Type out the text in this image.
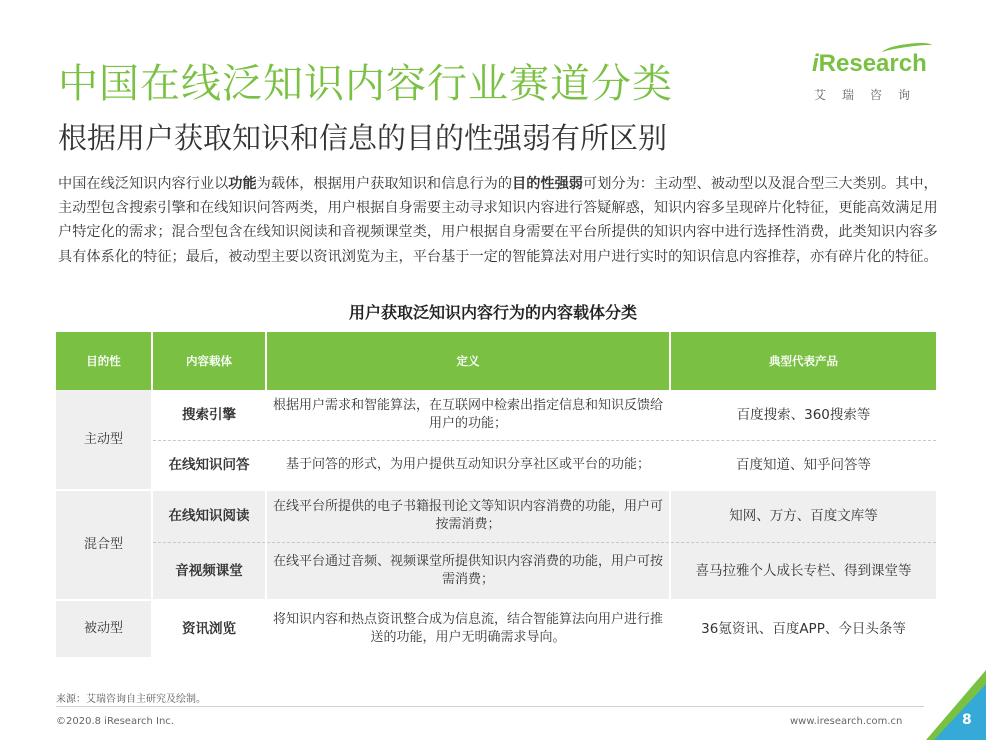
中国在线泛知识内容行业赛道分类
根据用户获取知识和信息的目的性强弱有所区别
iResearch
艾瑞咨询
中国在线泛知识内容行业以功能为载体，根据用户获取知识和信息行为的目的性强弱可划分为：主动型、被动型以及混合型三大类别。其中，主动型包含搜索引擎和在线知识问答两类，用户根据自身需要主动寻求知识内容进行答疑解惑，知识内容多呈现碎片化特征，更能高效满足用户特定化的需求；混合型包含在线知识阅读和音视频课堂类，用户根据自身需要在平台所提供的知识内容中进行选择性消费，此类知识内容多具有体系化的特征；最后，被动型主要以资讯浏览为主，平台基于一定的智能算法对用户进行实时的知识信息内容推荐，亦有碎片化的特征。
用户获取泛知识内容行为的内容载体分类
目的性	内容载体	定义	典型代表产品
主动型	搜索引擎	根据用户需求和智能算法，在互联网中检索出指定信息和知识反馈给用户的功能；	百度搜索、360搜索等
	在线知识问答	基于问答的形式，为用户提供互动知识分享社区或平台的功能；	百度知道、知乎问答等
混合型	在线知识阅读	在线平台所提供的电子书籍报刊论文等知识内容消费的功能，用户可按需消费；	知网、万方、百度文库等
	音视频课堂	在线平台通过音频、视频课堂所提供知识内容消费的功能，用户可按需消费；	喜马拉雅个人成长专栏、得到课堂等
被动型	资讯浏览	将知识内容和热点资讯整合成为信息流，结合智能算法向用户进行推送的功能，用户无明确需求导向。	36氪资讯、百度APP、今日头条等
来源：艾瑞咨询自主研究及绘制。
©2020.8 iResearch Inc.	www.iresearch.com.cn	8
